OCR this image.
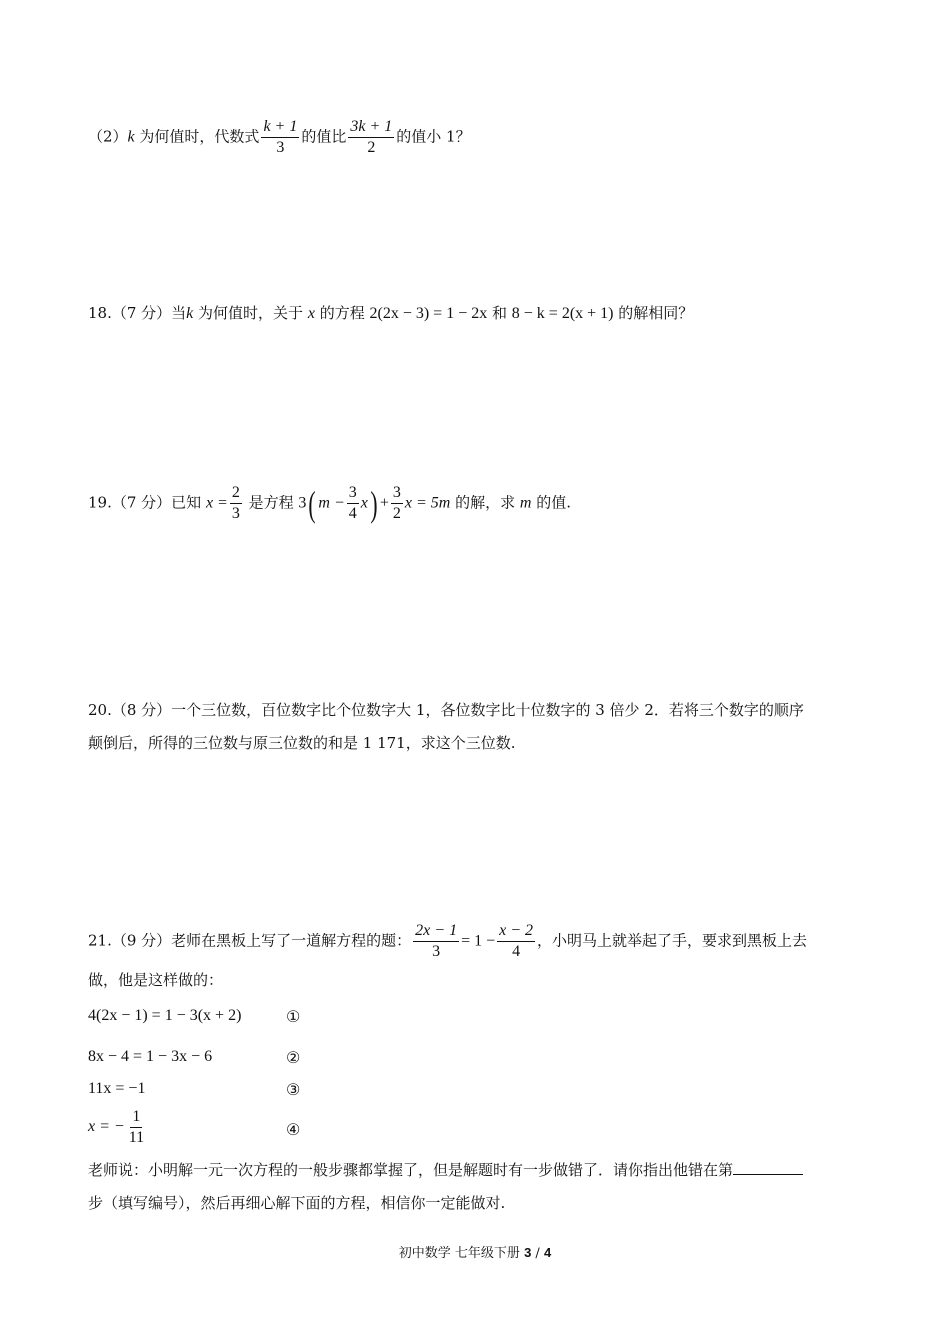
（2）k 为何值时，代数式 $\frac{k + 1}{3}$ 的值比 $\frac{3k + 1}{2}$ 的值小 1？
18.（7 分）当k 为何值时，关于 x 的方程 2(2x − 3) = 1 − 2x 和 8 − k = 2(x + 1) 的解相同？
19.（7 分）已知 $x = \frac{2}{3}$ 是方程 3( $m - \frac{3}{4} x) + \frac{3}{2}$ x = 5m 的解，求 m 的值.
20.（8 分）一个三位数，百位数字比个位数字大 1，各位数字比十位数字的 3 倍少 2．若将三个数字的顺序
颠倒后，所得的三位数与原三位数的和是 1 171，求这个三位数.
21.（9 分）老师在黑板上写了一道解方程的题： $\frac{2x - 1}{3} = 1 - \frac{x - 2}{4}$ ，小明马上就举起了手，要求到黑板上去
做，他是这样做的：
4(2x − 1) = 1 − 3(x + 2)	①
8x − 4 = 1 − 3x − 6	②
11x = −1	③
x = − $\frac{1}{11}$	④
老师说：小明解一元一次方程的一般步骤都掌握了，但是解题时有一步做错了．请你指出他错在第
步（填写编号），然后再细心解下面的方程，相信你一定能做对.
初中数学 七年级下册 3 / 4
